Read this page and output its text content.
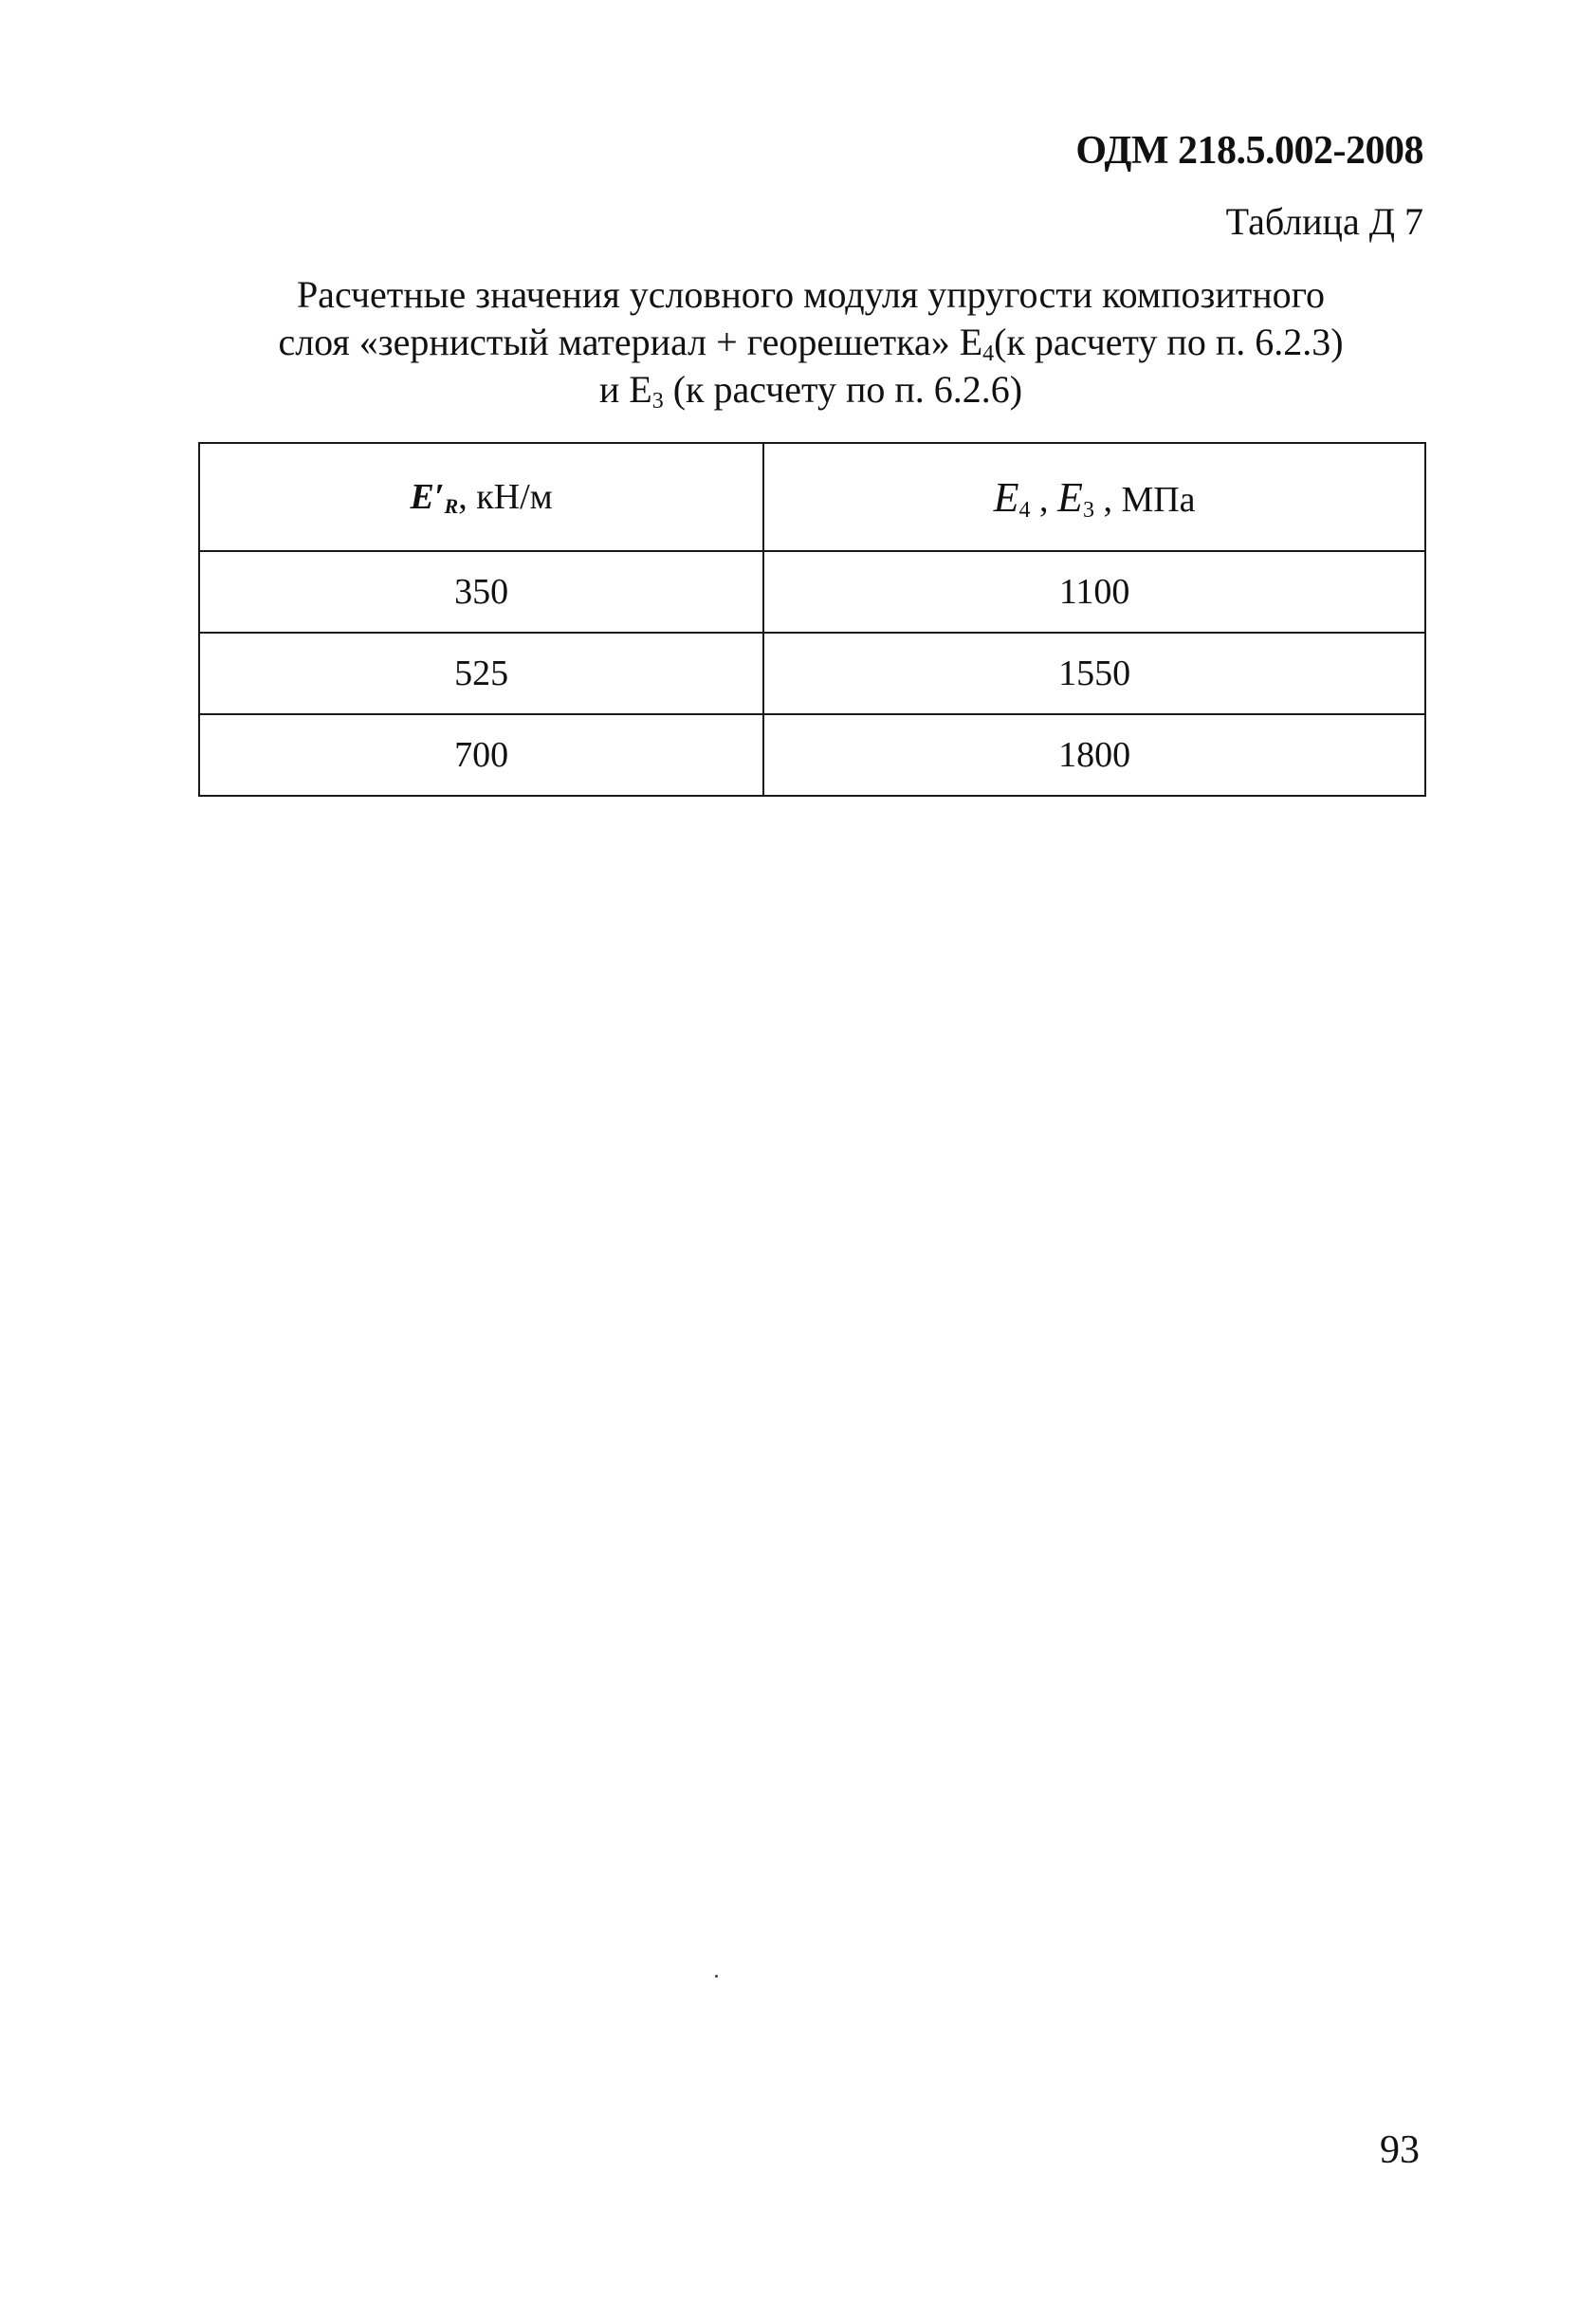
ОДМ 218.5.002-2008
Таблица Д 7
Расчетные значения условного модуля упругости композитного
слоя «зернистый материал + георешетка» $E_4(к$ расчету по п. 6.2.3)
и $E_3$ (к расчету по п. 6.2.6)
$E'_R$, кН/м	$E_4$ , $E_3$ , МПа
350	1100
525	1550
700	1800
93
